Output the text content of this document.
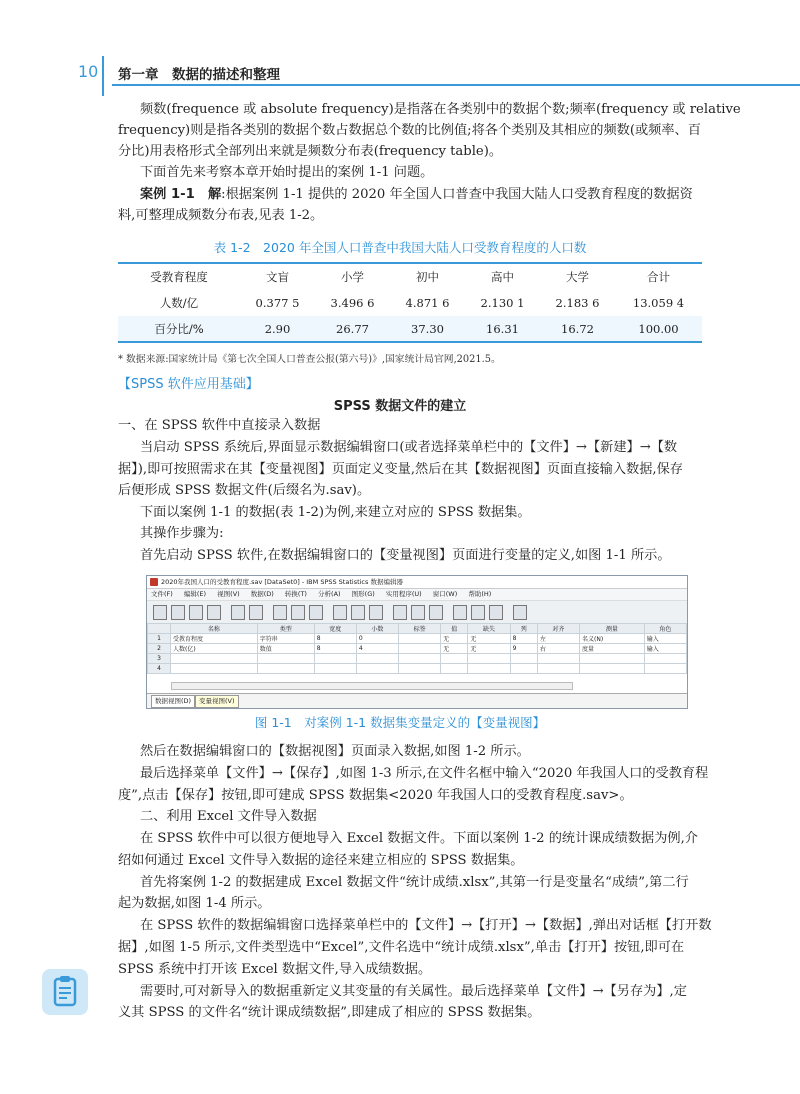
10 第一章　数据的描述和整理

频数(frequence 或 absolute frequency)是指落在各类别中的数据个数;频率(frequency 或 relative

frequency)则是指各类别的数据个数占数据总个数的比例值;将各个类别及其相应的频数(或频率、百

分比)用表格形式全部列出来就是频数分布表(frequency table)。

下面首先来考察本章开始时提出的案例 1-1 问题。

案例 1-1　解:根据案例 1-1 提供的 2020 年全国人口普查中我国大陆人口受教育程度的数据资

料,可整理成频数分布表,见表 1-2。

表 1-2　2020 年全国人口普查中我国大陆人口受教育程度的人口数
受教育程度	文盲	小学	初中	高中	大学	合计
人数/亿	0.377 5	3.496 6	4.871 6	2.130 1	2.183 6	13.059 4
百分比/%	2.90	26.77	37.30	16.31	16.72	100.00
* 数据来源:国家统计局《第七次全国人口普查公报(第六号)》,国家统计局官网,2021.5。
【SPSS 软件应用基础】
SPSS 数据文件的建立

一、在 SPSS 软件中直接录入数据

当启动 SPSS 系统后,界面显示数据编辑窗口(或者选择菜单栏中的【文件】→【新建】→【数

据】),即可按照需求在其【变量视图】页面定义变量,然后在其【数据视图】页面直接输入数据,保存

后便形成 SPSS 数据文件(后缀名为.sav)。

下面以案例 1-1 的数据(表 1-2)为例,来建立对应的 SPSS 数据集。

其操作步骤为:

首先启动 SPSS 软件,在数据编辑窗口的【变量视图】页面进行变量的定义,如图 1-1 所示。

2020年我国人口的受教育程度.sav [DataSet0] - IBM SPSS Statistics 数据编辑器
文件(F) 编辑(E) 视图(V) 数据(D) 转换(T) 分析(A) 图形(G) 实用程序(U) 窗口(W) 帮助(H)
	名称	类型	宽度	小数	标签	值	缺失	列	对齐	测量	角色
1	受教育程度	字符串	8	0		无	无	8	左	名义(N)	输入
2	人数(亿)	数值	8	4		无	无	9	右	度量	输入
3											
4											
数据视图(D)	变量视图(V)
图 1-1　对案例 1-1 数据集变量定义的【变量视图】

然后在数据编辑窗口的【数据视图】页面录入数据,如图 1-2 所示。

最后选择菜单【文件】→【保存】,如图 1-3 所示,在文件名框中输入“2020 年我国人口的受教育程

度”,点击【保存】按钮,即可建成 SPSS 数据集<2020 年我国人口的受教育程度.sav>。

二、利用 Excel 文件导入数据

在 SPSS 软件中可以很方便地导入 Excel 数据文件。下面以案例 1-2 的统计课成绩数据为例,介

绍如何通过 Excel 文件导入数据的途径来建立相应的 SPSS 数据集。

首先将案例 1-2 的数据建成 Excel 数据文件“统计成绩.xlsx”,其第一行是变量名“成绩”,第二行

起为数据,如图 1-4 所示。

在 SPSS 软件的数据编辑窗口选择菜单栏中的【文件】→【打开】→【数据】,弹出对话框【打开数

据】,如图 1-5 所示,文件类型选中“Excel”,文件名选中“统计成绩.xlsx”,单击【打开】按钮,即可在

SPSS 系统中打开该 Excel 数据文件,导入成绩数据。

需要时,可对新导入的数据重新定义其变量的有关属性。最后选择菜单【文件】→【另存为】,定

义其 SPSS 的文件名“统计课成绩数据”,即建成了相应的 SPSS 数据集。
